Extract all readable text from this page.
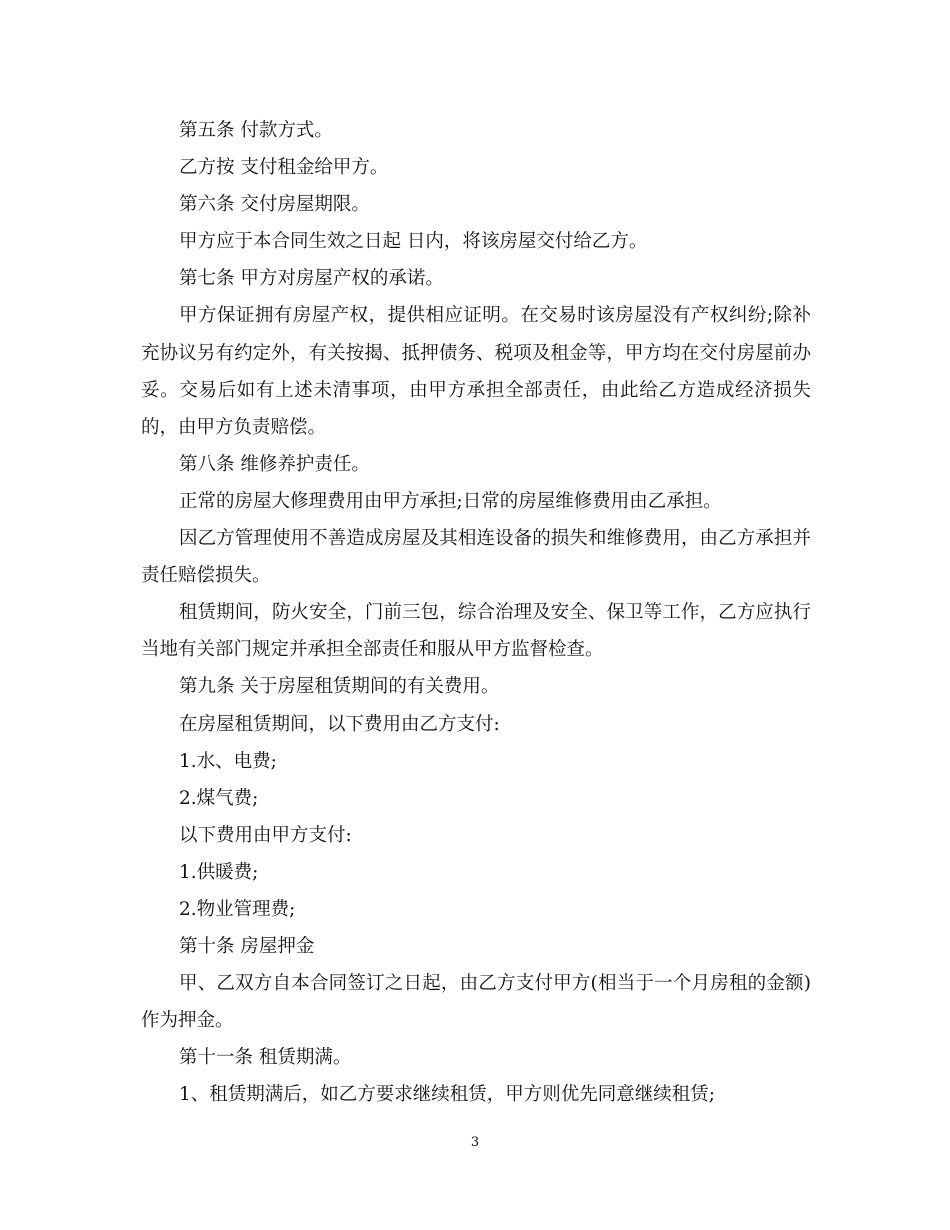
第五条 付款方式。

乙方按 支付租金给甲方。

第六条 交付房屋期限。

甲方应于本合同生效之日起 日内，将该房屋交付给乙方。

第七条 甲方对房屋产权的承诺。

甲方保证拥有房屋产权，提供相应证明。在交易时该房屋没有产权纠纷;除补充协议另有约定外，有关按揭、抵押债务、税项及租金等，甲方均在交付房屋前办妥。交易后如有上述未清事项，由甲方承担全部责任，由此给乙方造成经济损失的，由甲方负责赔偿。

第八条 维修养护责任。

正常的房屋大修理费用由甲方承担;日常的房屋维修费用由乙承担。

因乙方管理使用不善造成房屋及其相连设备的损失和维修费用，由乙方承担并责任赔偿损失。

租赁期间，防火安全，门前三包，综合治理及安全、保卫等工作，乙方应执行当地有关部门规定并承担全部责任和服从甲方监督检查。

第九条 关于房屋租赁期间的有关费用。

在房屋租赁期间，以下费用由乙方支付:

1.水、电费;

2.煤气费;

以下费用由甲方支付:

1.供暖费;

2.物业管理费;

第十条 房屋押金

甲、乙双方自本合同签订之日起，由乙方支付甲方(相当于一个月房租的金额)作为押金。

第十一条 租赁期满。

1、租赁期满后，如乙方要求继续租赁，甲方则优先同意继续租赁;

3
